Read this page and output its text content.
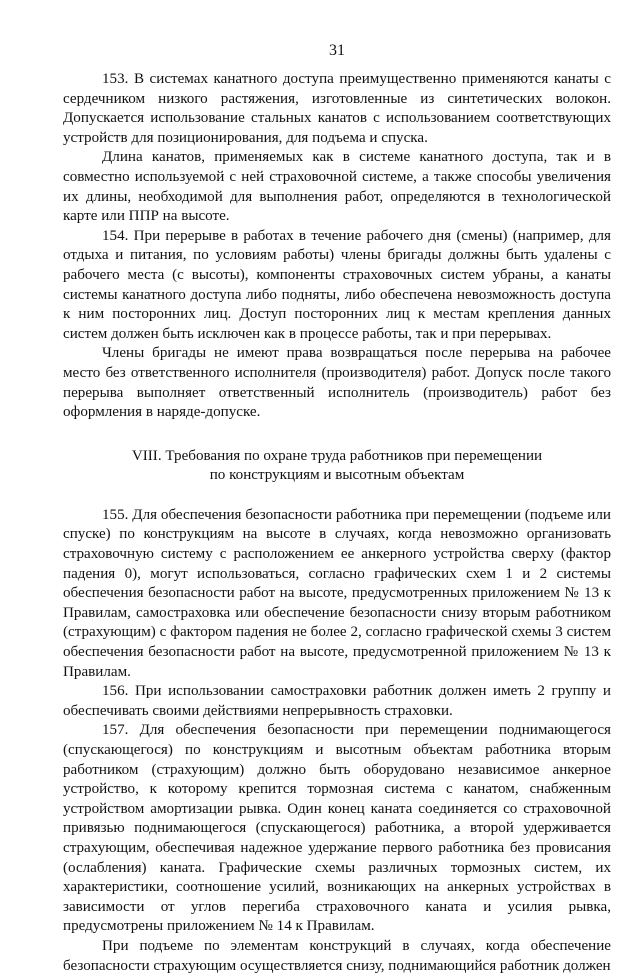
31

153. В системах канатного доступа преимущественно применяются канаты с сердечником низкого растяжения, изготовленные из синтетических волокон. Допускается использование стальных канатов с использованием соответствующих устройств для позиционирования, для подъема и спуска.

Длина канатов, применяемых как в системе канатного доступа, так и в совместно используемой с ней страховочной системе, а также способы увеличения их длины, необходимой для выполнения работ, определяются в технологической карте или ППР на высоте.

154. При перерыве в работах в течение рабочего дня (смены) (например, для отдыха и питания, по условиям работы) члены бригады должны быть удалены с рабочего места (с высоты), компоненты страховочных систем убраны, а канаты системы канатного доступа либо подняты, либо обеспечена невозможность доступа к ним посторонних лиц. Доступ посторонних лиц к местам крепления данных систем должен быть исключен как в процессе работы, так и при перерывах.

Члены бригады не имеют права возвращаться после перерыва на рабочее место без ответственного исполнителя (производителя) работ. Допуск после такого перерыва выполняет ответственный исполнитель (производитель) работ без оформления в наряде-допуске.

VIII. Требования по охране труда работников при перемещении
по конструкциям и высотным объектам

155. Для обеспечения безопасности работника при перемещении (подъеме или спуске) по конструкциям на высоте в случаях, когда невозможно организовать страховочную систему с расположением ее анкерного устройства сверху (фактор падения 0), могут использоваться, согласно графических схем 1 и 2 системы обеспечения безопасности работ на высоте, предусмотренных приложением № 13 к Правилам, самостраховка или обеспечение безопасности снизу вторым работником (страхующим) с фактором падения не более 2, согласно графической схемы 3 систем обеспечения безопасности работ на высоте, предусмотренной приложением № 13 к Правилам.

156. При использовании самостраховки работник должен иметь 2 группу и обеспечивать своими действиями непрерывность страховки.

157. Для обеспечения безопасности при перемещении поднимающегося (спускающегося) по конструкциям и высотным объектам работника вторым работником (страхующим) должно быть оборудовано независимое анкерное устройство, к которому крепится тормозная система с канатом, снабженным устройством амортизации рывка. Один конец каната соединяется со страховочной привязью поднимающегося (спускающегося) работника, а второй удерживается страхующим, обеспечивая надежное удержание первого работника без провисания (ослабления) каната. Графические схемы различных тормозных систем, их характеристики, соотношение усилий, возникающих на анкерных устройствах в зависимости от углов перегиба страховочного каната и усилия рывка, предусмотрены приложением № 14 к Правилам.

При подъеме по элементам конструкций в случаях, когда обеспечение безопасности страхующим осуществляется снизу, поднимающийся работник должен
